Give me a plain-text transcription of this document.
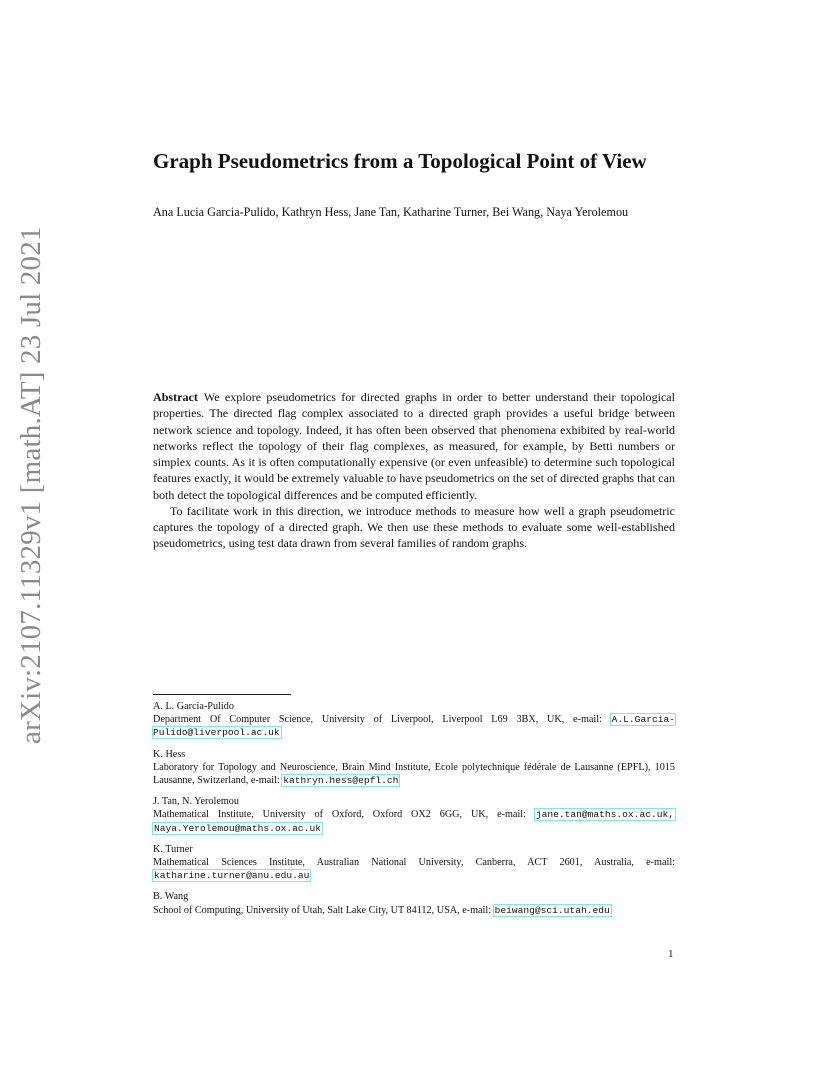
arXiv:2107.11329v1 [math.AT] 23 Jul 2021
Graph Pseudometrics from a Topological Point of View
Ana Lucia Garcia-Pulido, Kathryn Hess, Jane Tan, Katharine Turner, Bei Wang, Naya Yerolemou

Abstract We explore pseudometrics for directed graphs in order to better understand their topological properties. The directed flag complex associated to a directed graph provides a useful bridge between network science and topology. Indeed, it has often been observed that phenomena exhibited by real-world networks reflect the topology of their flag complexes, as measured, for example, by Betti numbers or simplex counts. As it is often computationally expensive (or even unfeasible) to determine such topological features exactly, it would be extremely valuable to have pseudometrics on the set of directed graphs that can both detect the topological differences and be computed efficiently.

To facilitate work in this direction, we introduce methods to measure how well a graph pseudometric captures the topology of a directed graph. We then use these methods to evaluate some well-established pseudometrics, using test data drawn from several families of random graphs.

A. L. García-Pulido
Department Of Computer Science, University of Liverpool, Liverpool L69 3BX, UK, e-mail: A.L.Garcia-Pulido@liverpool.ac.uk
K. Hess
Laboratory for Topology and Neuroscience, Brain Mind Institute, Ecole polytechnique fédérale de Lausanne (EPFL), 1015 Lausanne, Switzerland, e-mail: kathryn.hess@epfl.ch
J. Tan, N. Yerolemou
Mathematical Institute, University of Oxford, Oxford OX2 6GG, UK, e-mail: jane.tan@maths.ox.ac.uk, Naya.Yerolemou@maths.ox.ac.uk
K. Turner
Mathematical Sciences Institute, Australian National University, Canberra, ACT 2601, Australia, e-mail: katharine.turner@anu.edu.au
B. Wang
School of Computing, University of Utah, Salt Lake City, UT 84112, USA, e-mail: beiwang@sci.utah.edu
1
